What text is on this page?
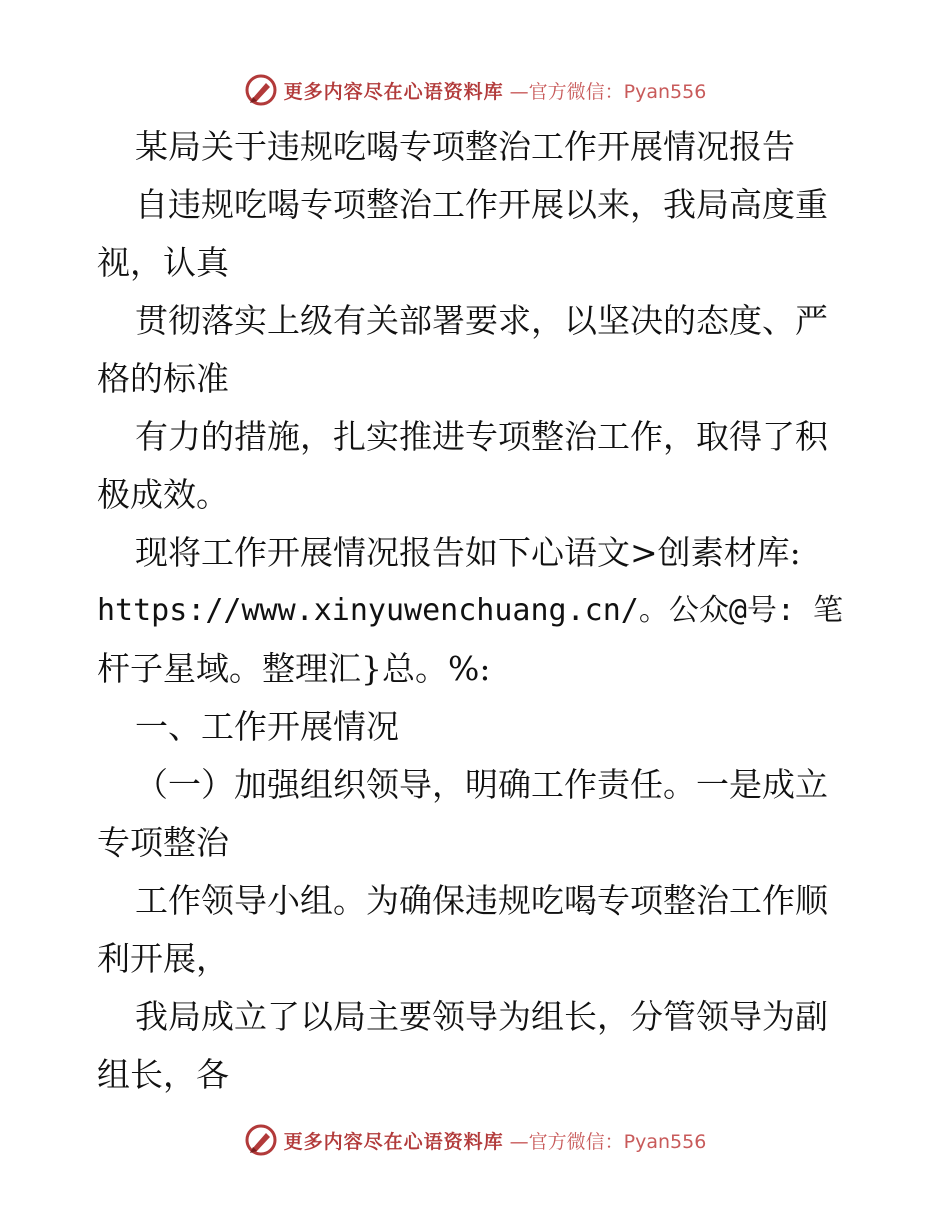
更多内容尽在心语资料库 —官方微信：Pyan556
某局关于违规吃喝专项整治工作开展情况报告
自违规吃喝专项整治工作开展以来，我局高度重
视，认真
贯彻落实上级有关部署要求，以坚决的态度、严
格的标准
有力的措施，扎实推进专项整治工作，取得了积
极成效。
现将工作开展情况报告如下心语文>创素材库:
https://www.xinyuwenchuang.cn/。公众@号: 笔
杆子星域。整理汇}总。%:
一、工作开展情况
（一）加强组织领导，明确工作责任。一是成立
专项整治
工作领导小组。为确保违规吃喝专项整治工作顺
利开展，
我局成立了以局主要领导为组长，分管领导为副
组长，各
更多内容尽在心语资料库 —官方微信：Pyan556
